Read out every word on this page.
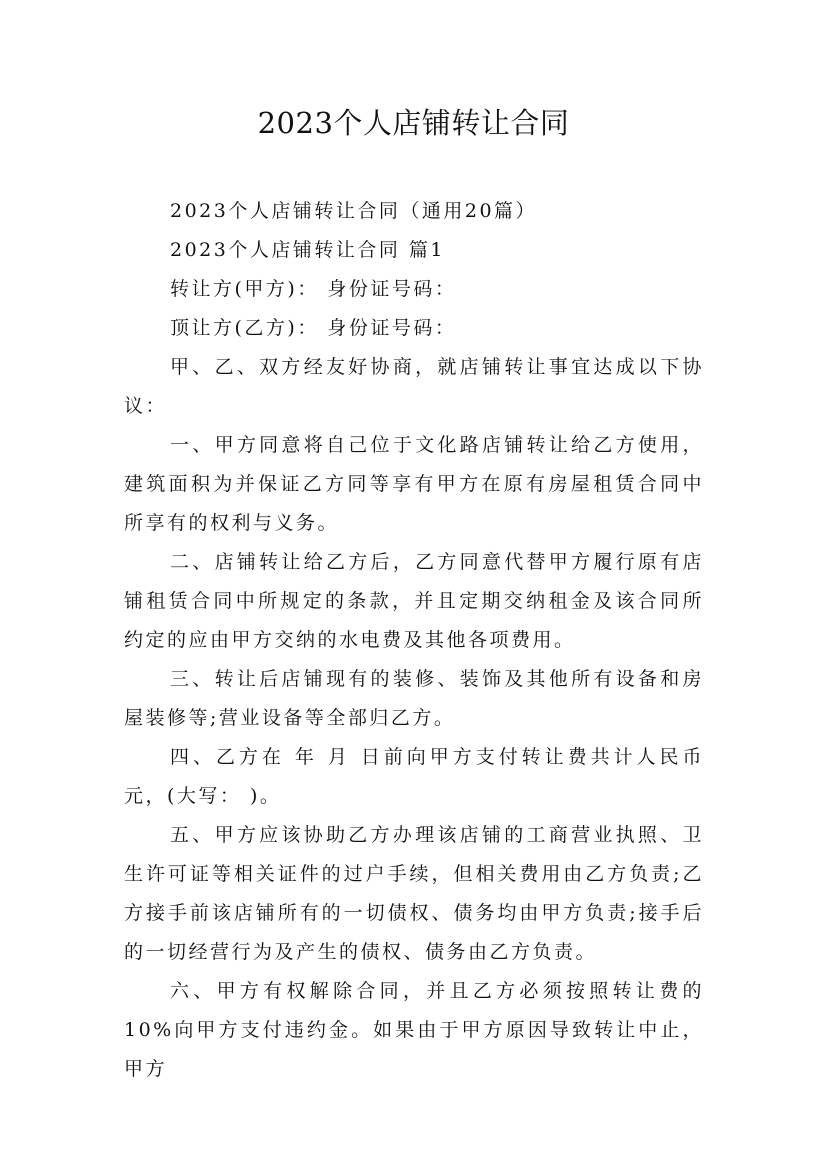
2023个人店铺转让合同

2023个人店铺转让合同（通用20篇）

2023个人店铺转让合同 篇1

转让方(甲方)： 身份证号码：

顶让方(乙方)： 身份证号码：

甲、乙、双方经友好协商，就店铺转让事宜达成以下协议：

一、甲方同意将自己位于文化路店铺转让给乙方使用，建筑面积为并保证乙方同等享有甲方在原有房屋租赁合同中所享有的权利与义务。

二、店铺转让给乙方后，乙方同意代替甲方履行原有店铺租赁合同中所规定的条款，并且定期交纳租金及该合同所约定的应由甲方交纳的水电费及其他各项费用。

三、转让后店铺现有的装修、装饰及其他所有设备和房屋装修等;营业设备等全部归乙方。

四、乙方在 年 月 日前向甲方支付转让费共计人民币 元，(大写： )。

五、甲方应该协助乙方办理该店铺的工商营业执照、卫生许可证等相关证件的过户手续，但相关费用由乙方负责;乙方接手前该店铺所有的一切债权、债务均由甲方负责;接手后的一切经营行为及产生的债权、债务由乙方负责。

六、甲方有权解除合同，并且乙方必须按照转让费的10%向甲方支付违约金。如果由于甲方原因导致转让中止，甲方
